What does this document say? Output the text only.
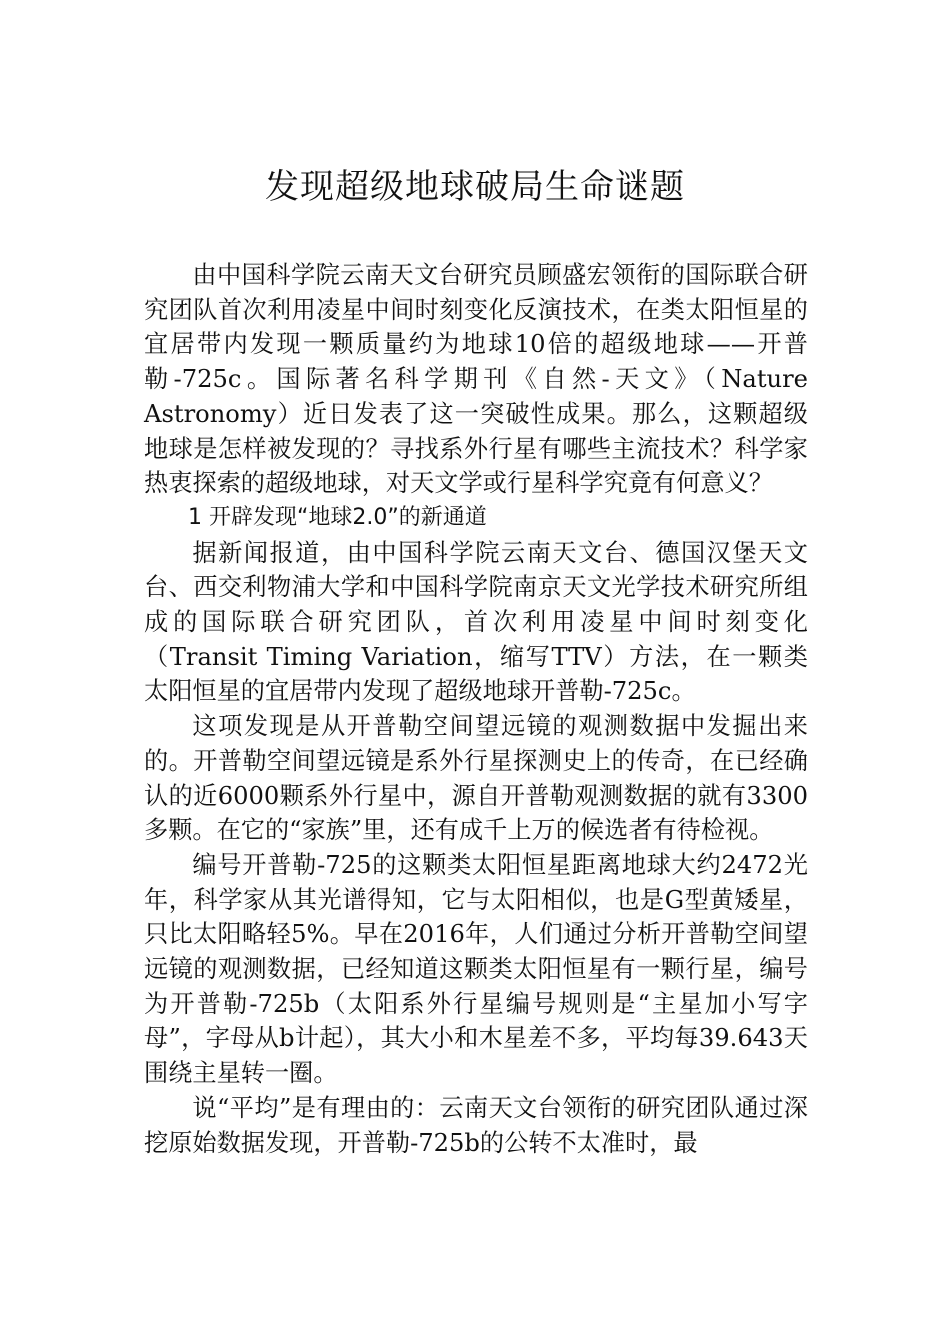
发现超级地球破局生命谜题

由中国科学院云南天文台研究员顾盛宏领衔的国际联合研究团队首次利用凌星中间时刻变化反演技术，在类太阳恒星的宜居带内发现一颗质量约为地球10倍的超级地球——开普勒-725c。国际著名科学期刊《自然-天文》（Nature Astronomy）近日发表了这一突破性成果。那么，这颗超级地球是怎样被发现的？寻找系外行星有哪些主流技术？科学家热衷探索的超级地球，对天文学或行星科学究竟有何意义？

1 开辟发现“地球2.0”的新通道

据新闻报道，由中国科学院云南天文台、德国汉堡天文台、西交利物浦大学和中国科学院南京天文光学技术研究所组成的国际联合研究团队，首次利用凌星中间时刻变化（Transit Timing Variation，缩写TTV）方法，在一颗类太阳恒星的宜居带内发现了超级地球开普勒-725c。

这项发现是从开普勒空间望远镜的观测数据中发掘出来的。开普勒空间望远镜是系外行星探测史上的传奇，在已经确认的近6000颗系外行星中，源自开普勒观测数据的就有3300多颗。在它的“家族”里，还有成千上万的候选者有待检视。

编号开普勒-725的这颗类太阳恒星距离地球大约2472光年，科学家从其光谱得知，它与太阳相似，也是G型黄矮星，只比太阳略轻5%。早在2016年，人们通过分析开普勒空间望远镜的观测数据，已经知道这颗类太阳恒星有一颗行星，编号为开普勒-725b（太阳系外行星编号规则是“主星加小写字母”，字母从b计起），其大小和木星差不多，平均每39.643天围绕主星转一圈。

说“平均”是有理由的：云南天文台领衔的研究团队通过深挖原始数据发现，开普勒-725b的公转不太准时，最
